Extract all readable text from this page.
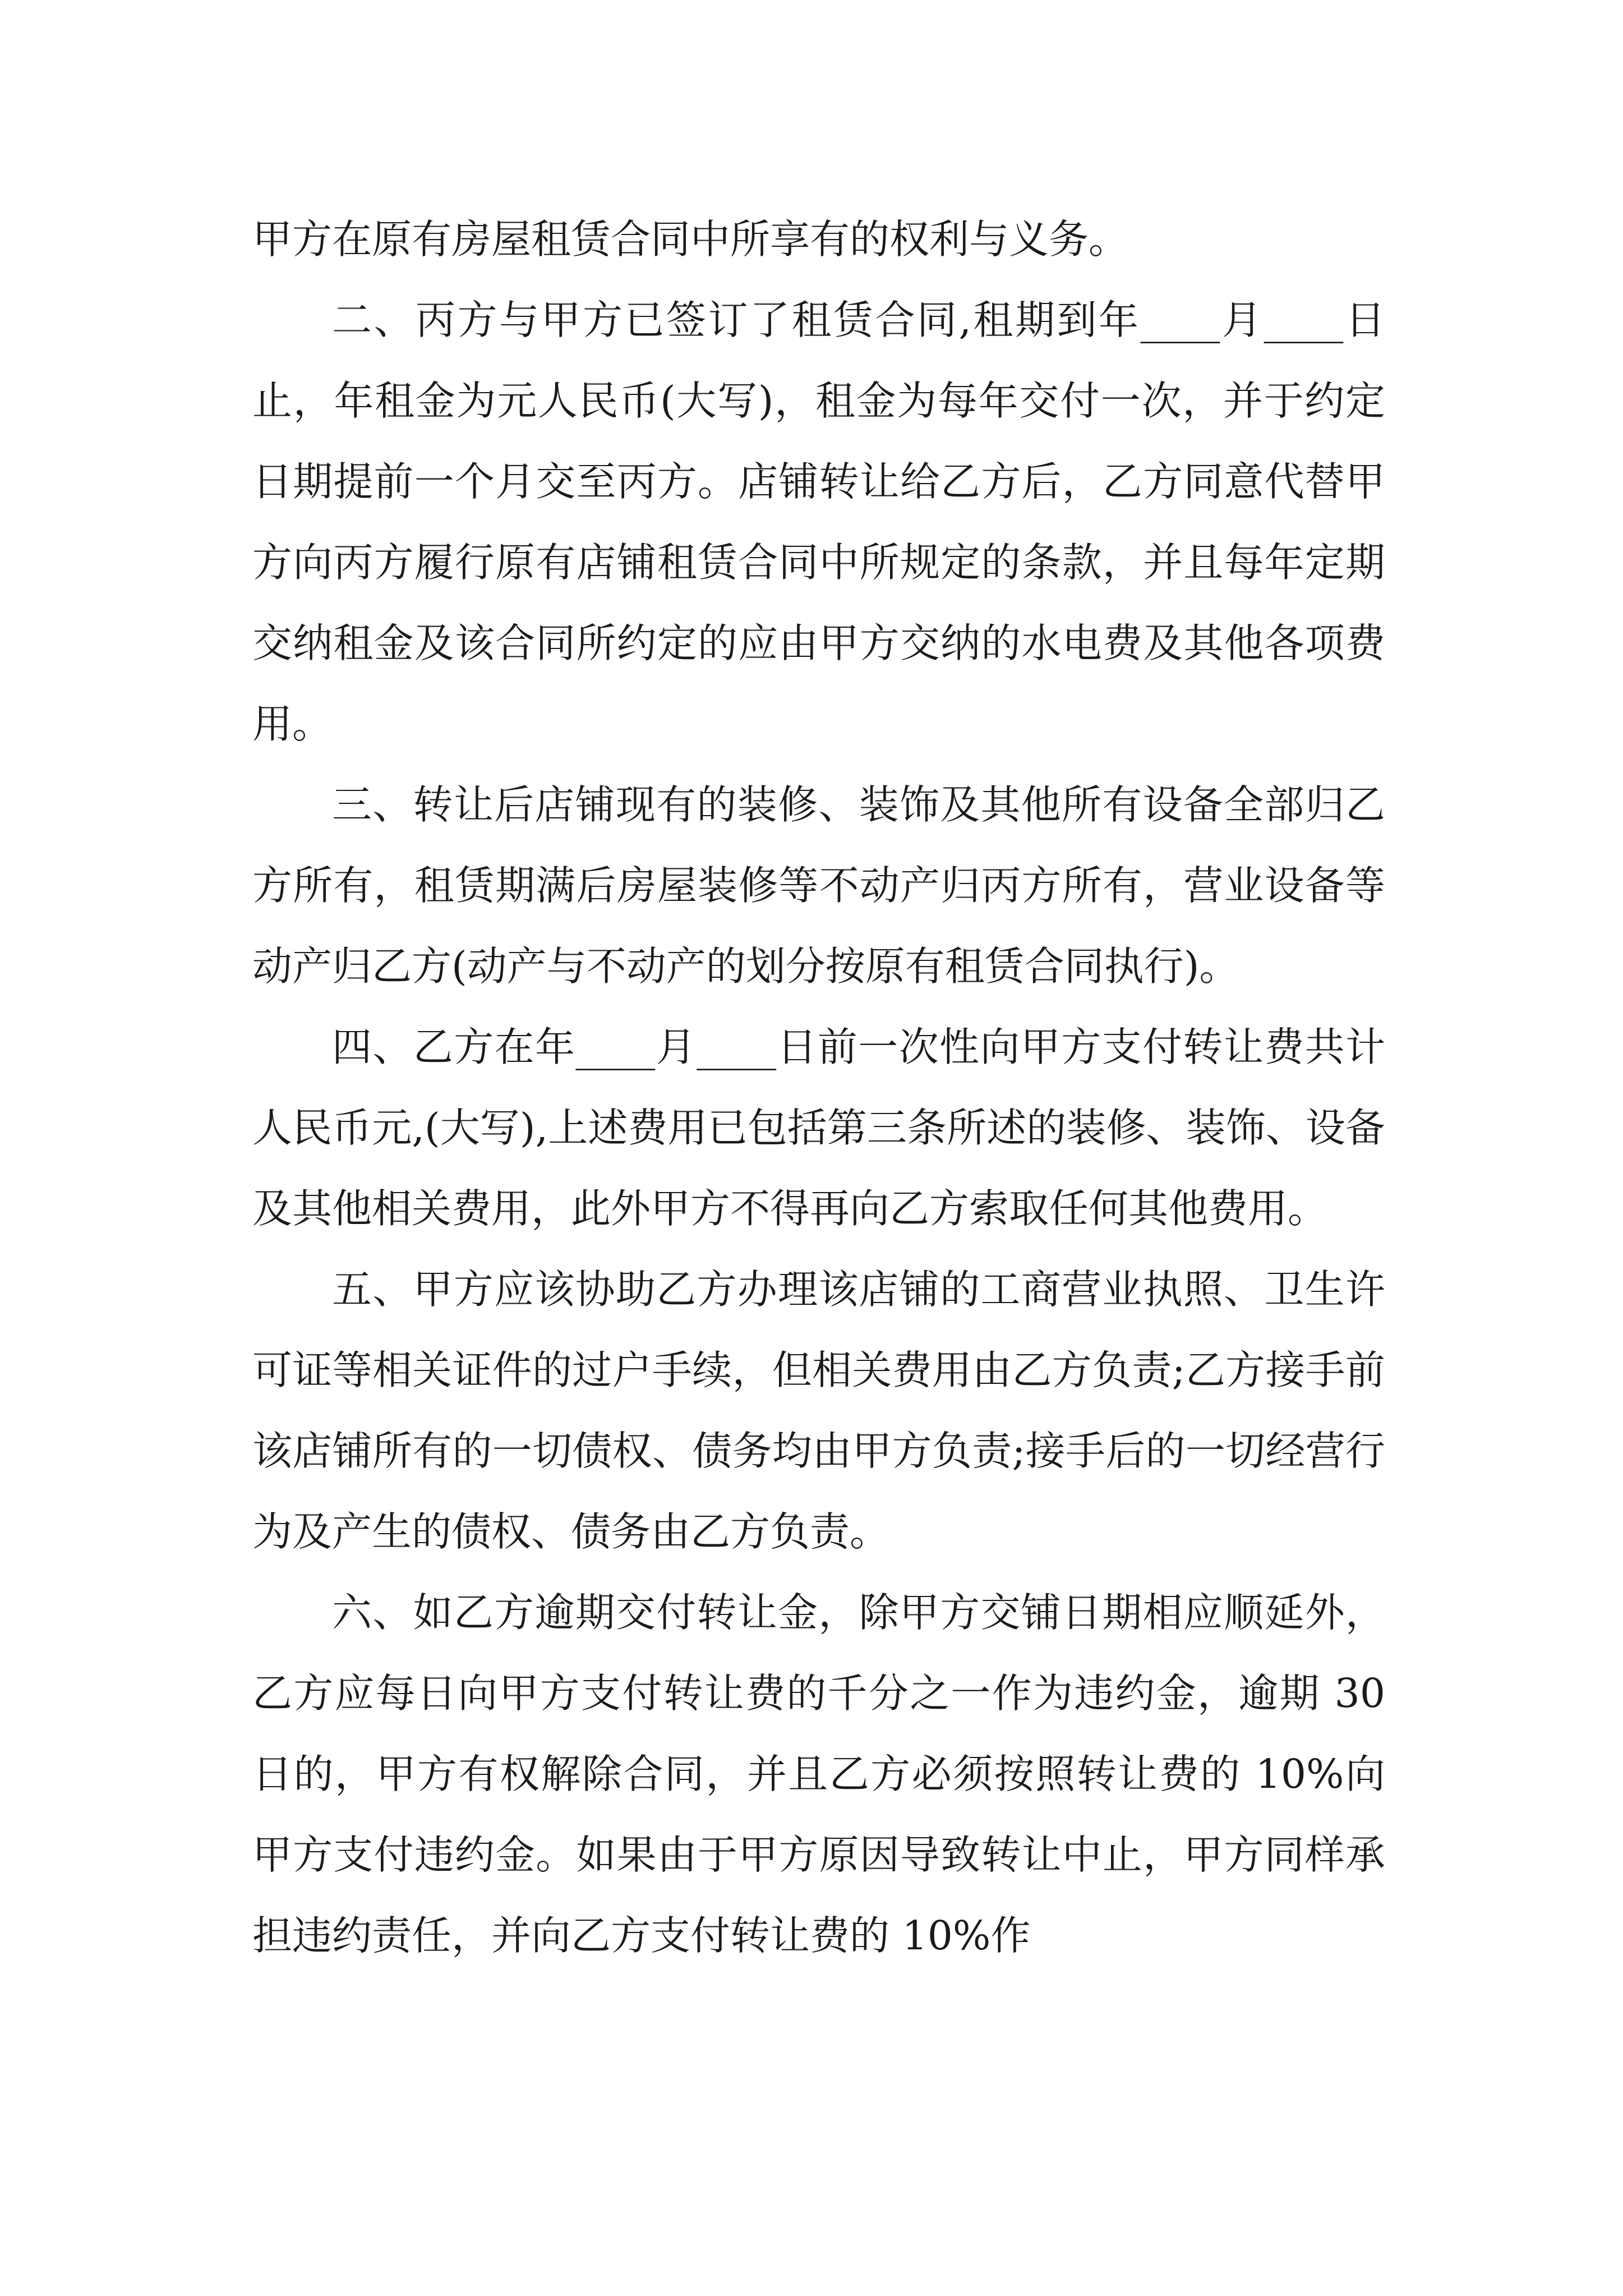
甲方在原有房屋租赁合同中所享有的权利与义务。

二、丙方与甲方已签订了租赁合同,租期到年____月____日止，年租金为元人民币(大写)，租金为每年交付一次，并于约定日期提前一个月交至丙方。店铺转让给乙方后，乙方同意代替甲方向丙方履行原有店铺租赁合同中所规定的条款，并且每年定期交纳租金及该合同所约定的应由甲方交纳的水电费及其他各项费用。

三、转让后店铺现有的装修、装饰及其他所有设备全部归乙方所有，租赁期满后房屋装修等不动产归丙方所有，营业设备等动产归乙方(动产与不动产的划分按原有租赁合同执行)。

四、乙方在年____月____日前一次性向甲方支付转让费共计人民币元,(大写),上述费用已包括第三条所述的装修、装饰、设备及其他相关费用，此外甲方不得再向乙方索取任何其他费用。

五、甲方应该协助乙方办理该店铺的工商营业执照、卫生许可证等相关证件的过户手续，但相关费用由乙方负责;乙方接手前该店铺所有的一切债权、债务均由甲方负责;接手后的一切经营行为及产生的债权、债务由乙方负责。

六、如乙方逾期交付转让金，除甲方交铺日期相应顺延外，乙方应每日向甲方支付转让费的千分之一作为违约金，逾期 30 日的，甲方有权解除合同，并且乙方必须按照转让费的 10%向甲方支付违约金。如果由于甲方原因导致转让中止，甲方同样承担违约责任，并向乙方支付转让费的 10%作
